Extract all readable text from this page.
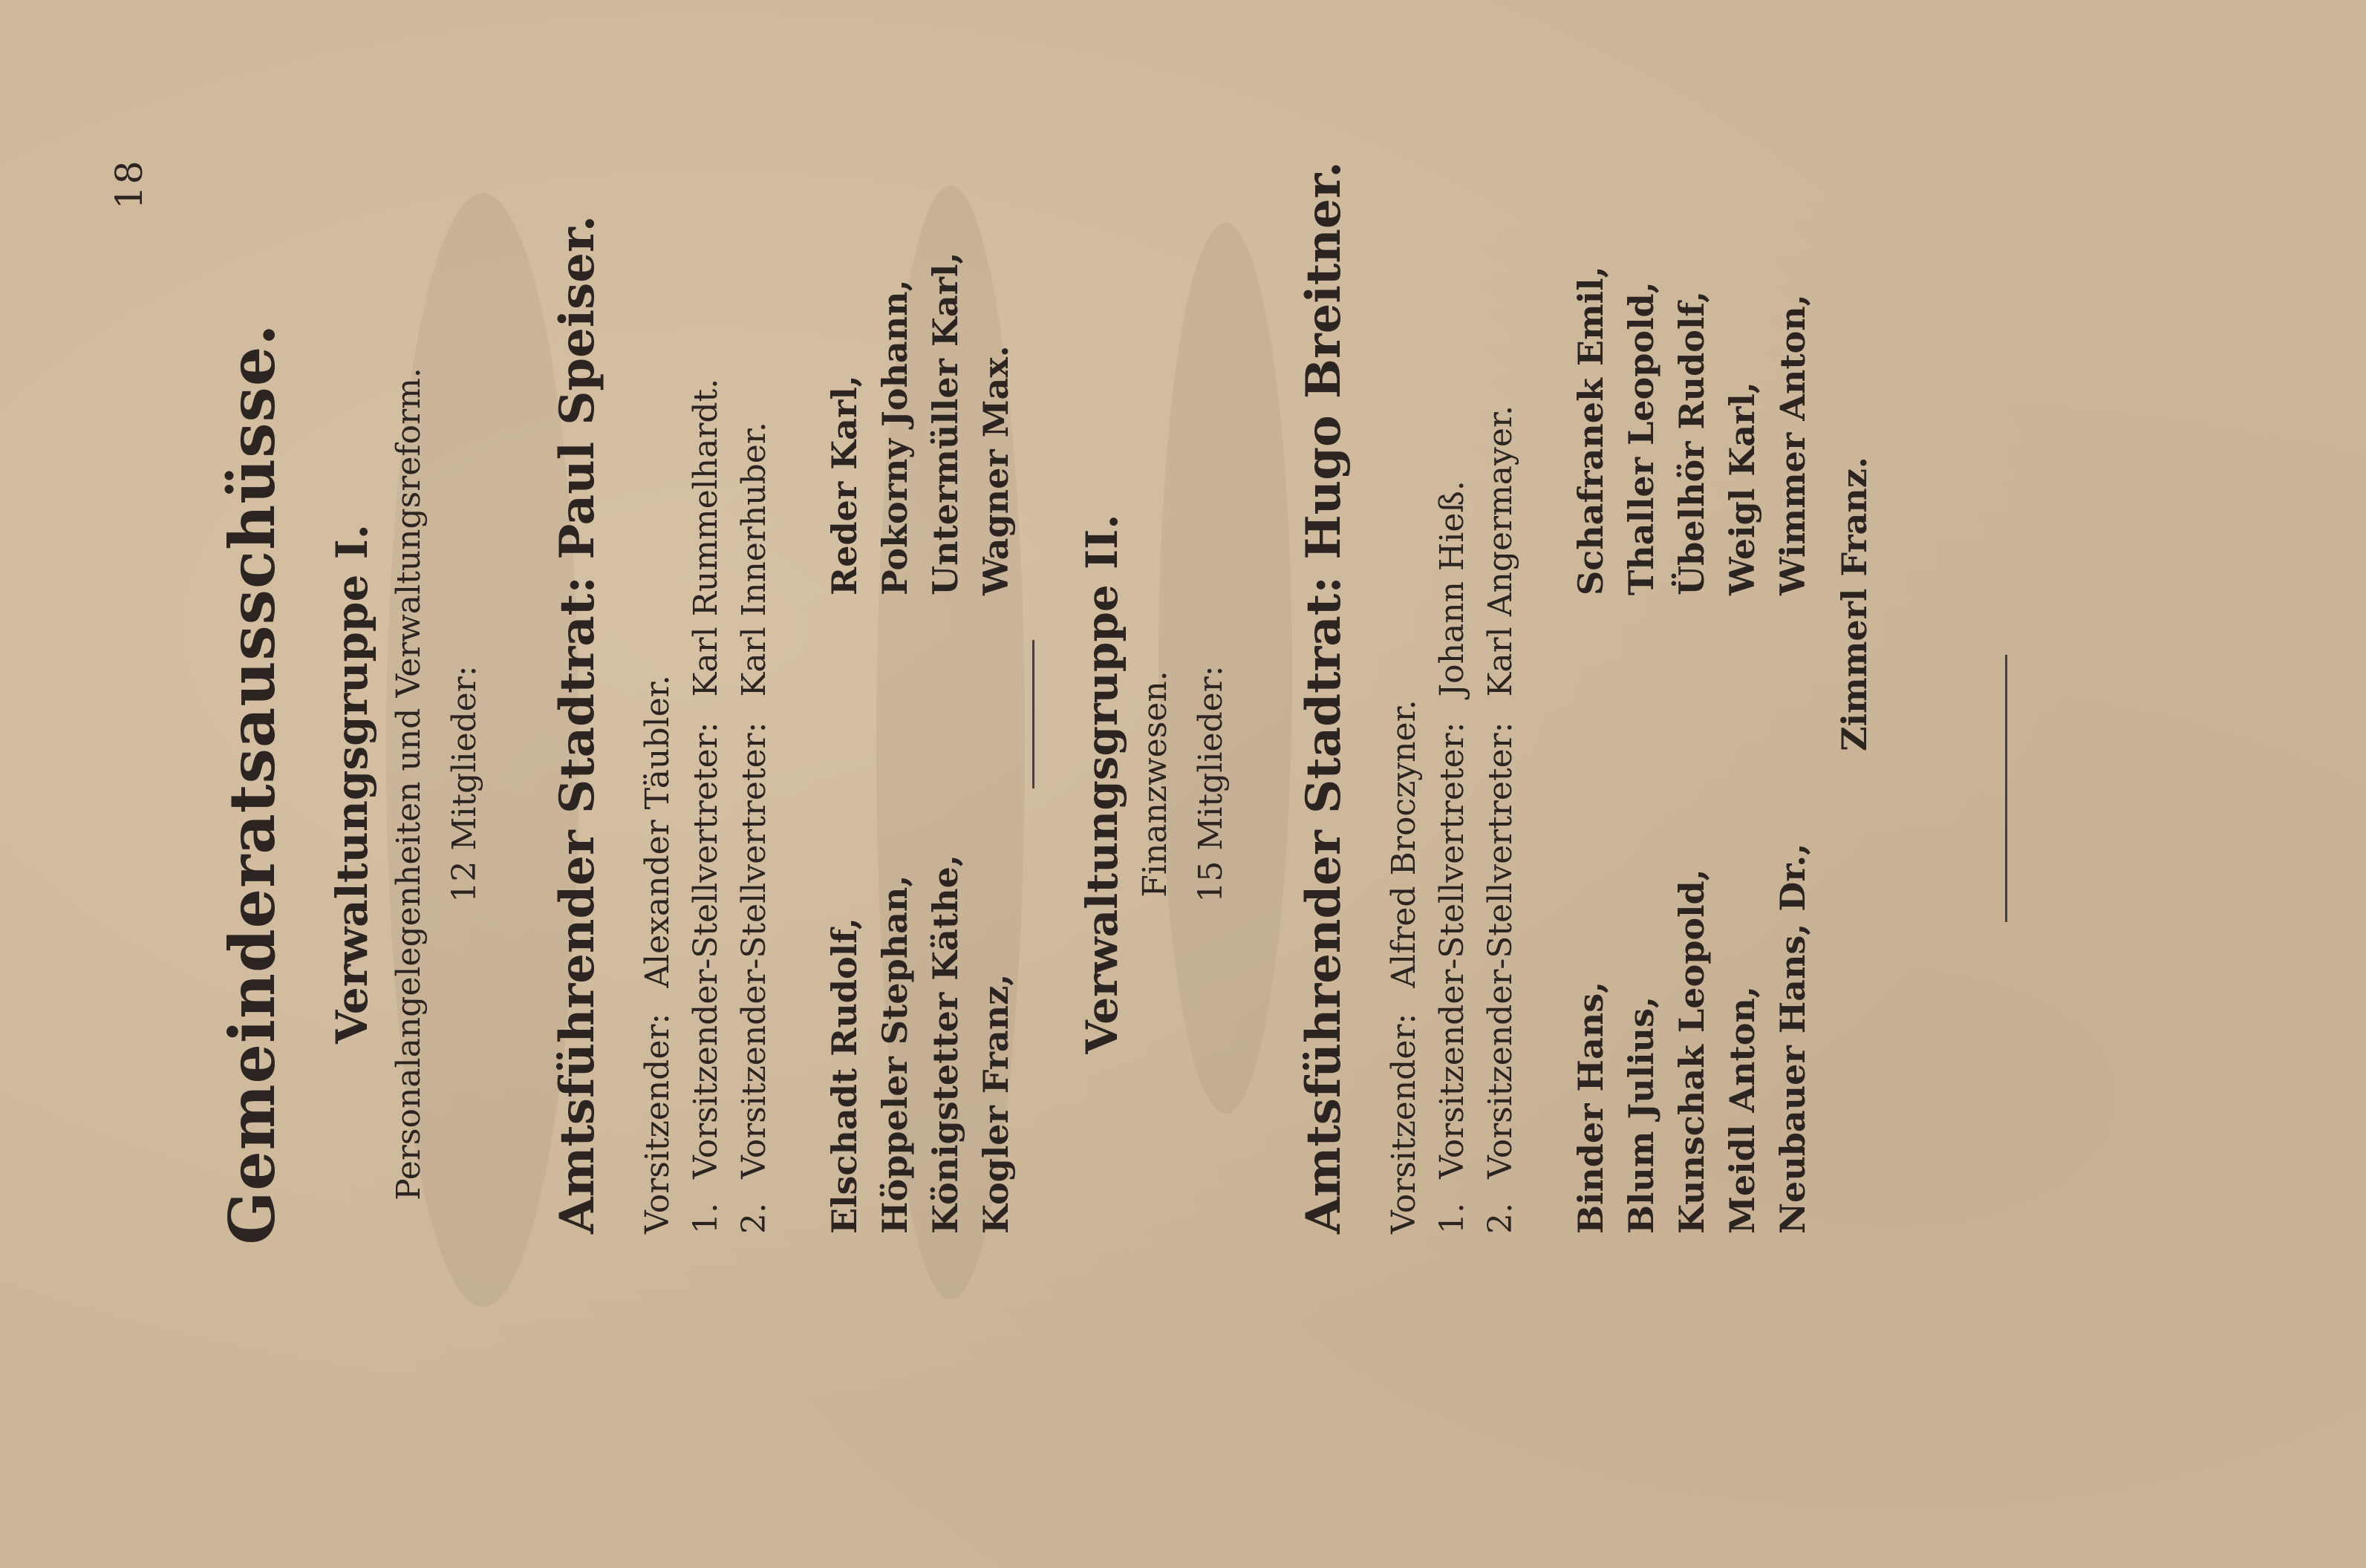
18
Gemeinderatsausschüsse. Verwaltungsgruppe I. Personalangelegenheiten und Verwaltungsreform. 12 Mitglieder: Amtsführender Stadtrat: Paul Speiser.
Vorsitzender: Alexander Täubler.
1. Vorsitzender-Stellvertreter: Karl Rummelhardt.
2. Vorsitzender-Stellvertreter: Karl Innerhuber.
Elschadt Rudolf,
Reder Karl,
Höppeler Stephan,
Pokorny Johann,
Königstetter Käthe,
Untermüller Karl,
Kogler Franz,
Wagner Max.
Verwaltungsgruppe II. Finanzwesen. 15 Mitglieder: Amtsführender Stadtrat: Hugo Breitner.
Vorsitzender: Alfred Broczyner.
1. Vorsitzender-Stellvertreter: Johann Hieß.
2. Vorsitzender-Stellvertreter: Karl Angermayer.
Binder Hans,
Schafranek Emil,
Blum Julius,
Thaller Leopold,
Kunschak Leopold,
Übelhör Rudolf,
Meidl Anton,
Weigl Karl,
Neubauer Hans, Dr.,
Wimmer Anton,
Zimmerl Franz.
